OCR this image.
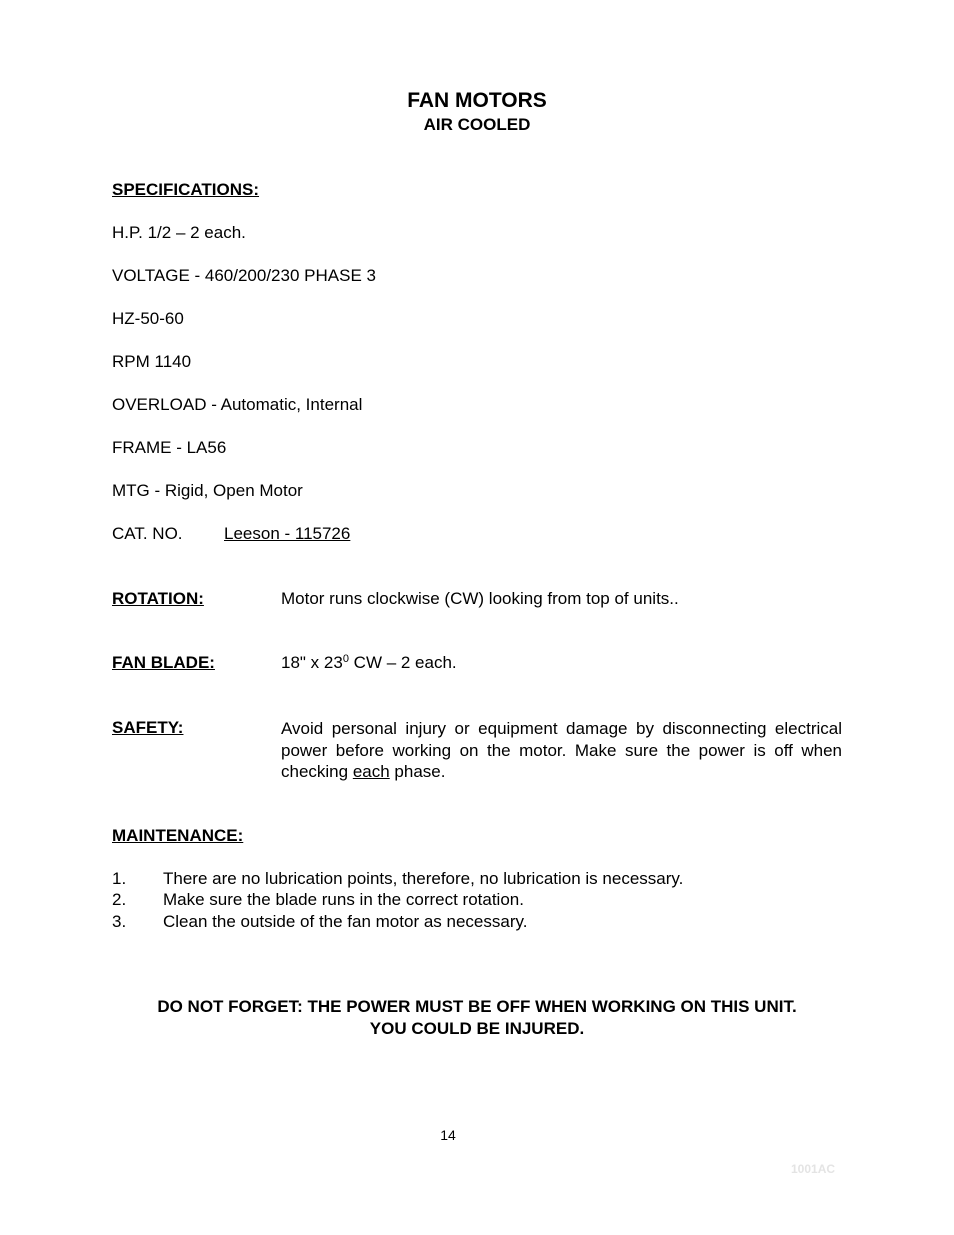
FAN MOTORS
AIR COOLED
SPECIFICATIONS:
H.P. 1/2 – 2 each.
VOLTAGE - 460/200/230 PHASE 3
HZ-50-60
RPM 1140
OVERLOAD - Automatic, Internal
FRAME - LA56
MTG - Rigid, Open Motor
CAT. NO. Leeson - 115726
ROTATION:	Motor runs clockwise (CW) looking from top of units..
FAN BLADE:	18" x $23^0$ CW – 2 each.
SAFETY:	Avoid personal injury or equipment damage by disconnecting electrical power before working on the motor. Make sure the power is off when checking each phase.
MAINTENANCE:
1. There are no lubrication points, therefore, no lubrication is necessary.
2. Make sure the blade runs in the correct rotation.
3. Clean the outside of the fan motor as necessary.
DO NOT FORGET: THE POWER MUST BE OFF WHEN WORKING ON THIS UNIT.
YOU COULD BE INJURED.
14
1001AC
